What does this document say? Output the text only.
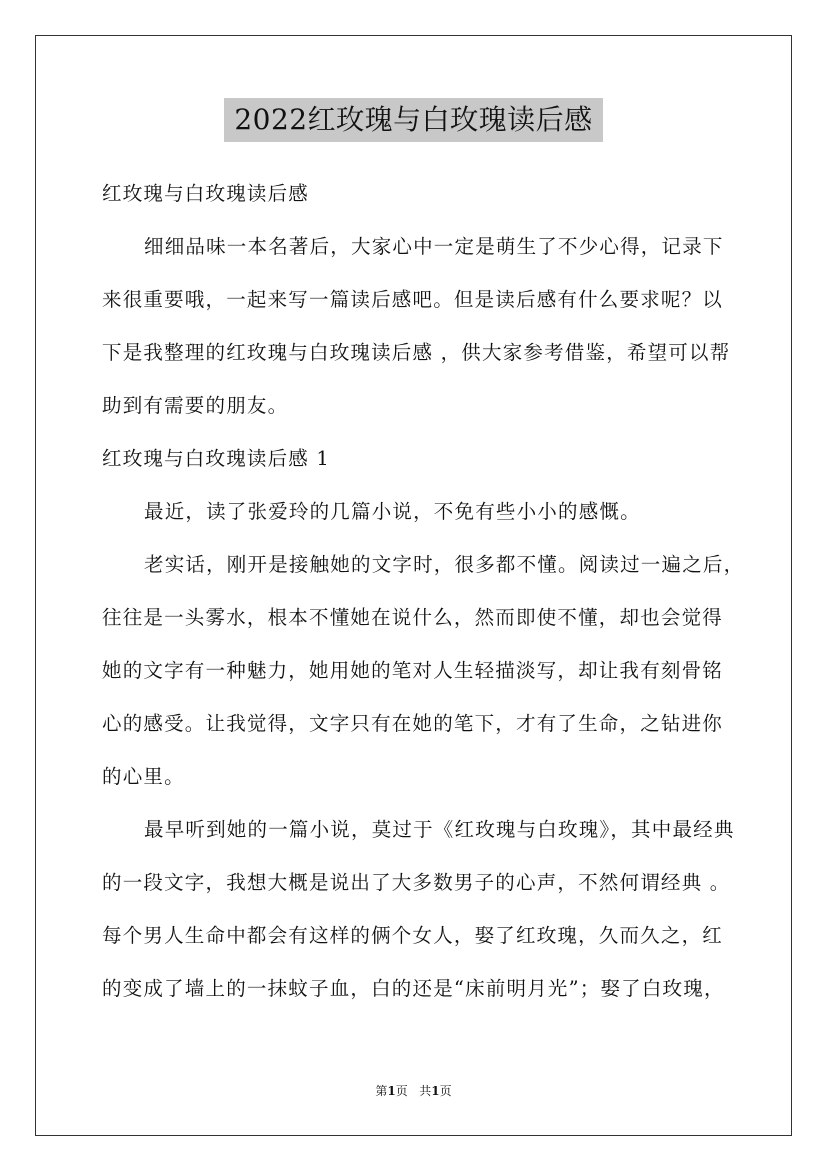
2022红玫瑰与白玫瑰读后感
红玫瑰与白玫瑰读后感
细细品味一本名著后，大家心中一定是萌生了不少心得，记录下
来很重要哦，一起来写一篇读后感吧。但是读后感有什么要求呢？以
下是我整理的红玫瑰与白玫瑰读后感 ，供大家参考借鉴，希望可以帮
助到有需要的朋友。
红玫瑰与白玫瑰读后感 1
最近，读了张爱玲的几篇小说，不免有些小小的感慨。
老实话，刚开是接触她的文字时，很多都不懂。阅读过一遍之后，
往往是一头雾水，根本不懂她在说什么，然而即使不懂，却也会觉得
她的文字有一种魅力，她用她的笔对人生轻描淡写，却让我有刻骨铭
心的感受。让我觉得，文字只有在她的笔下，才有了生命，之钻进你
的心里。
最早听到她的一篇小说，莫过于《红玫瑰与白玫瑰》，其中最经典
的一段文字，我想大概是说出了大多数男子的心声，不然何谓经典 。
每个男人生命中都会有这样的俩个女人，娶了红玫瑰，久而久之，红
的变成了墙上的一抹蚊子血，白的还是“床前明月光”；娶了白玫瑰，
第1页 共1页
